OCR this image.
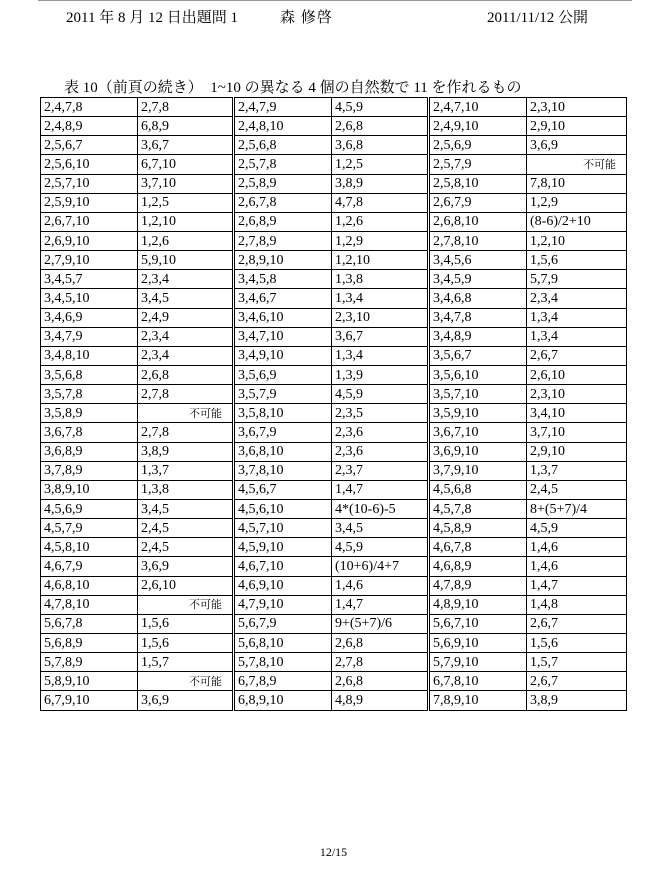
2011 年 8 月 12 日出題問 1	森 修啓	2011/11/12 公開
表 10（前頁の続き）　1~10 の異なる 4 個の自然数で 11 を作れるもの
2,4,7,8	2,7,8	2,4,7,9	4,5,9	2,4,7,10	2,3,10
2,4,8,9	6,8,9	2,4,8,10	2,6,8	2,4,9,10	2,9,10
2,5,6,7	3,6,7	2,5,6,8	3,6,8	2,5,6,9	3,6,9
2,5,6,10	6,7,10	2,5,7,8	1,2,5	2,5,7,9	不可能
2,5,7,10	3,7,10	2,5,8,9	3,8,9	2,5,8,10	7,8,10
2,5,9,10	1,2,5	2,6,7,8	4,7,8	2,6,7,9	1,2,9
2,6,7,10	1,2,10	2,6,8,9	1,2,6	2,6,8,10	(8-6)/2+10
2,6,9,10	1,2,6	2,7,8,9	1,2,9	2,7,8,10	1,2,10
2,7,9,10	5,9,10	2,8,9,10	1,2,10	3,4,5,6	1,5,6
3,4,5,7	2,3,4	3,4,5,8	1,3,8	3,4,5,9	5,7,9
3,4,5,10	3,4,5	3,4,6,7	1,3,4	3,4,6,8	2,3,4
3,4,6,9	2,4,9	3,4,6,10	2,3,10	3,4,7,8	1,3,4
3,4,7,9	2,3,4	3,4,7,10	3,6,7	3,4,8,9	1,3,4
3,4,8,10	2,3,4	3,4,9,10	1,3,4	3,5,6,7	2,6,7
3,5,6,8	2,6,8	3,5,6,9	1,3,9	3,5,6,10	2,6,10
3,5,7,8	2,7,8	3,5,7,9	4,5,9	3,5,7,10	2,3,10
3,5,8,9	不可能	3,5,8,10	2,3,5	3,5,9,10	3,4,10
3,6,7,8	2,7,8	3,6,7,9	2,3,6	3,6,7,10	3,7,10
3,6,8,9	3,8,9	3,6,8,10	2,3,6	3,6,9,10	2,9,10
3,7,8,9	1,3,7	3,7,8,10	2,3,7	3,7,9,10	1,3,7
3,8,9,10	1,3,8	4,5,6,7	1,4,7	4,5,6,8	2,4,5
4,5,6,9	3,4,5	4,5,6,10	4*(10-6)-5	4,5,7,8	8+(5+7)/4
4,5,7,9	2,4,5	4,5,7,10	3,4,5	4,5,8,9	4,5,9
4,5,8,10	2,4,5	4,5,9,10	4,5,9	4,6,7,8	1,4,6
4,6,7,9	3,6,9	4,6,7,10	(10+6)/4+7	4,6,8,9	1,4,6
4,6,8,10	2,6,10	4,6,9,10	1,4,6	4,7,8,9	1,4,7
4,7,8,10	不可能	4,7,9,10	1,4,7	4,8,9,10	1,4,8
5,6,7,8	1,5,6	5,6,7,9	9+(5+7)/6	5,6,7,10	2,6,7
5,6,8,9	1,5,6	5,6,8,10	2,6,8	5,6,9,10	1,5,6
5,7,8,9	1,5,7	5,7,8,10	2,7,8	5,7,9,10	1,5,7
5,8,9,10	不可能	6,7,8,9	2,6,8	6,7,8,10	2,6,7
6,7,9,10	3,6,9	6,8,9,10	4,8,9	7,8,9,10	3,8,9
12/15
